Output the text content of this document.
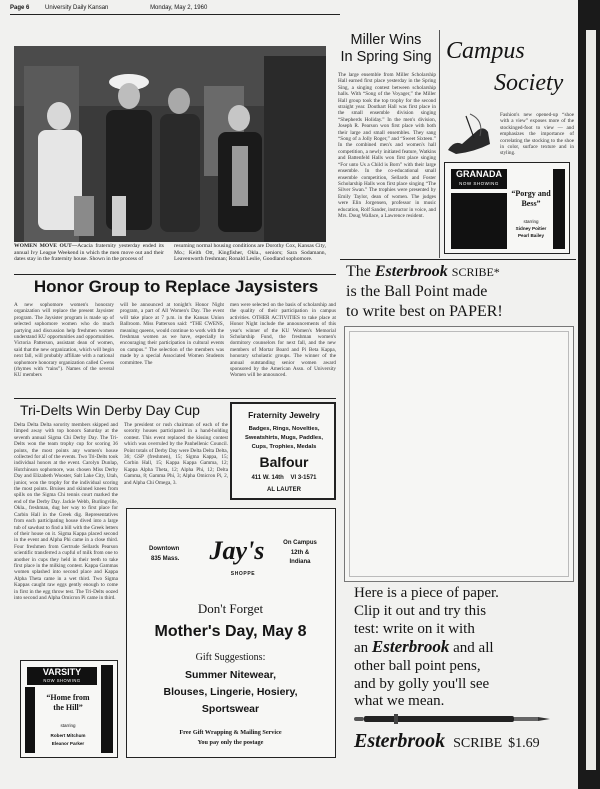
Page 6	University Daily Kansan	Monday, May 2, 1960
WOMEN MOVE OUT—Acacia fraternity yesterday ended its annual Ivy League Weekend in which the men move out and their dates stay in the fraternity house. Shown in the process of
resuming normal housing conditions are Dorothy Cox, Kansas City, Mo.; Keith Ott, Kingfisher, Okla., seniors; Sara Sodamann, Leavenworth freshman; Ronald Leslie, Goodland sophomore.
Miller Wins
In Spring Sing
The large ensemble from Miller Scholarship Hall earned first place yesterday in the Spring Sing, a singing contest between scholarship halls. With “Song of the Voyager,” the Miller Hall group took the top trophy for the second straight year. Douthart Hall was first place in the small ensemble division singing “Shepherds Holiday.” In the men's division, Joseph R. Pearson won first place with both their large and small ensembles. They sang “Song of a Jolly Roger,” and “Sweet Sixteen.” In the combined men's and women's hall competition, a newly initiated feature, Watkins and Battenfeld Halls won first place singing “For unto Us a Child is Born” with their large ensemble. In the co-educational small ensemble competition, Sellards and Foster Scholarship Halls won first place singing “The Silver Swan.” The trophies were presented by Emily Taylor, dean of women. The judges were Elin Jorgensen, professor in music education, Rolf Sander, instructor in voice, and Mrs. Doug Wallace, a Lawrence resident.
Campus
Society
Fashion's new opened-up “shoe with a view” exposes more of the stockinged-foot to view — and emphasizes the importance of correlating the stocking to the shoe in color, surface texture and in styling.
GRANADA
NOW SHOWING
“Porgy and Bess”
starring
Sidney Poitier
Pearl Bailey
Honor Group to Replace Jaysisters
A new sophomore women's honorary organization will replace the present Jaysister program. The Jaysister program is made up of selected sophomore women who do much partying and discussion help freshmen women understand KU opportunities and opportunities. Victoria Patterson, assistant dean of women, said that the new organization, which will begin next fall, will probably affiliate with a national sophomore honorary organization called Cwens (rhymes with “rains”). Names of the several KU members
will be announced at tonight's Honor Night program, a part of All Women's Day. The event will take place at 7 p.m. in the Kansas Union Ballroom. Miss Patterson said: “THE CWENS, meaning queens, would continue to work with the freshman women as we have, especially in encouraging their participation in cultural events on campus.” The selection of the members was made by a special Associated Women Students committee. The
men were selected on the basis of scholarship and the quality of their participation in campus activities. OTHER ACTIVITIES to take place at Honor Night include the announcements of this year's winner of the KU Women's Memorial Scholarship Fund, the freshman women's dormitory counselors for next fall, and the new members of Mortar Board and Pi Beta Kappa, honorary scholastic groups. The winner of the annual outstanding senior women award sponsored by the American Assn. of University Women will be announced.
Tri-Delts Win Derby Day Cup
Delta Delta Delta sorority members skipped and limped away with top honors Saturday at the seventh annual Sigma Chi Derby Day. The Tri-Delts won the team trophy cup for scoring 36 points, the most points any women's house collected for all of the events. Two Tri-Delts took individual honors at the event. Carolyn Dunlap, Hutchinson sophomore, was chosen Miss Derby Day and Elizabeth Wooster, Salt Lake City, Utah, junior, won the trophy for the individual scoring the most points. Bruises and skinned knees from spills on the Sigma Chi tennis court marked the end of the Derby Day. Jackie Webb, Burlingville, Okla., freshman, dug her way to first place for Carbin Hall in the Greek dig. Representatives from each participating house dived into a large tub of sawdust to find a bill with the Greek letters of their house on it. Sigma Kappa placed second in the event and Alpha Phi came in a close third. Four freshmen from Gertrude Sellards Pearson scientific transferred a cupful of milk from one to another in cups they held in their teeth to take first place in the milking contest. Kappa Gammas women splashed into second place and Kappa Alpha Theta came in a wet third. Two Sigma Kappas caught raw eggs gently enough to come in first in the egg throw test. The Tri-Delts oozed into second and Alpha Omicron Pi came in third.
The president or rush chairman of each of the sorority houses participated in a hand-holding contest. This event replaced the kissing contest which was overruled by the Panhellenic Council. Point totals of Derby Day were Delta Delta Delta, 36; GSP (freshmen), 15; Sigma Kappa, 15; Corbin Hall, 15; Kappa Kappa Gamma, 12; Kappa Alpha Theta, 12; Alpha Phi, 12; Delta Gamma, 8; Gamma Phi, 3; Alpha Omicron Pi, 2, and Alpha Chi Omega, 3.
Fraternity Jewelry
Badges, Rings, Novelties,
Sweatshirts, Mugs, Paddles,
Cups, Trophies, Medals
Balfour
411 W. 14th    VI 3-1571
AL LAUTER
Downtown
835 Mass.	Jay's
SHOPPE
On Campus
12th &
Indiana
Don't Forget
Mother's Day, May 8
Gift Suggestions:
Summer Nitewear,
Blouses, Lingerie, Hosiery,
Sportswear
Free Gift Wrapping & Mailing Service
You pay only the postage
VARSITY
NOW SHOWING
“Home from
the Hill”
starring
Robert Mitchum
Eleanor Parker
The Esterbrook SCRIBE*
is the Ball Point made
to write best on PAPER!
Here is a piece of paper.
Clip it out and try this
test: write on it with
an Esterbrook and all
other ball point pens,
and by golly you'll see
what we mean.
Esterbrook SCRIBE $1.69
